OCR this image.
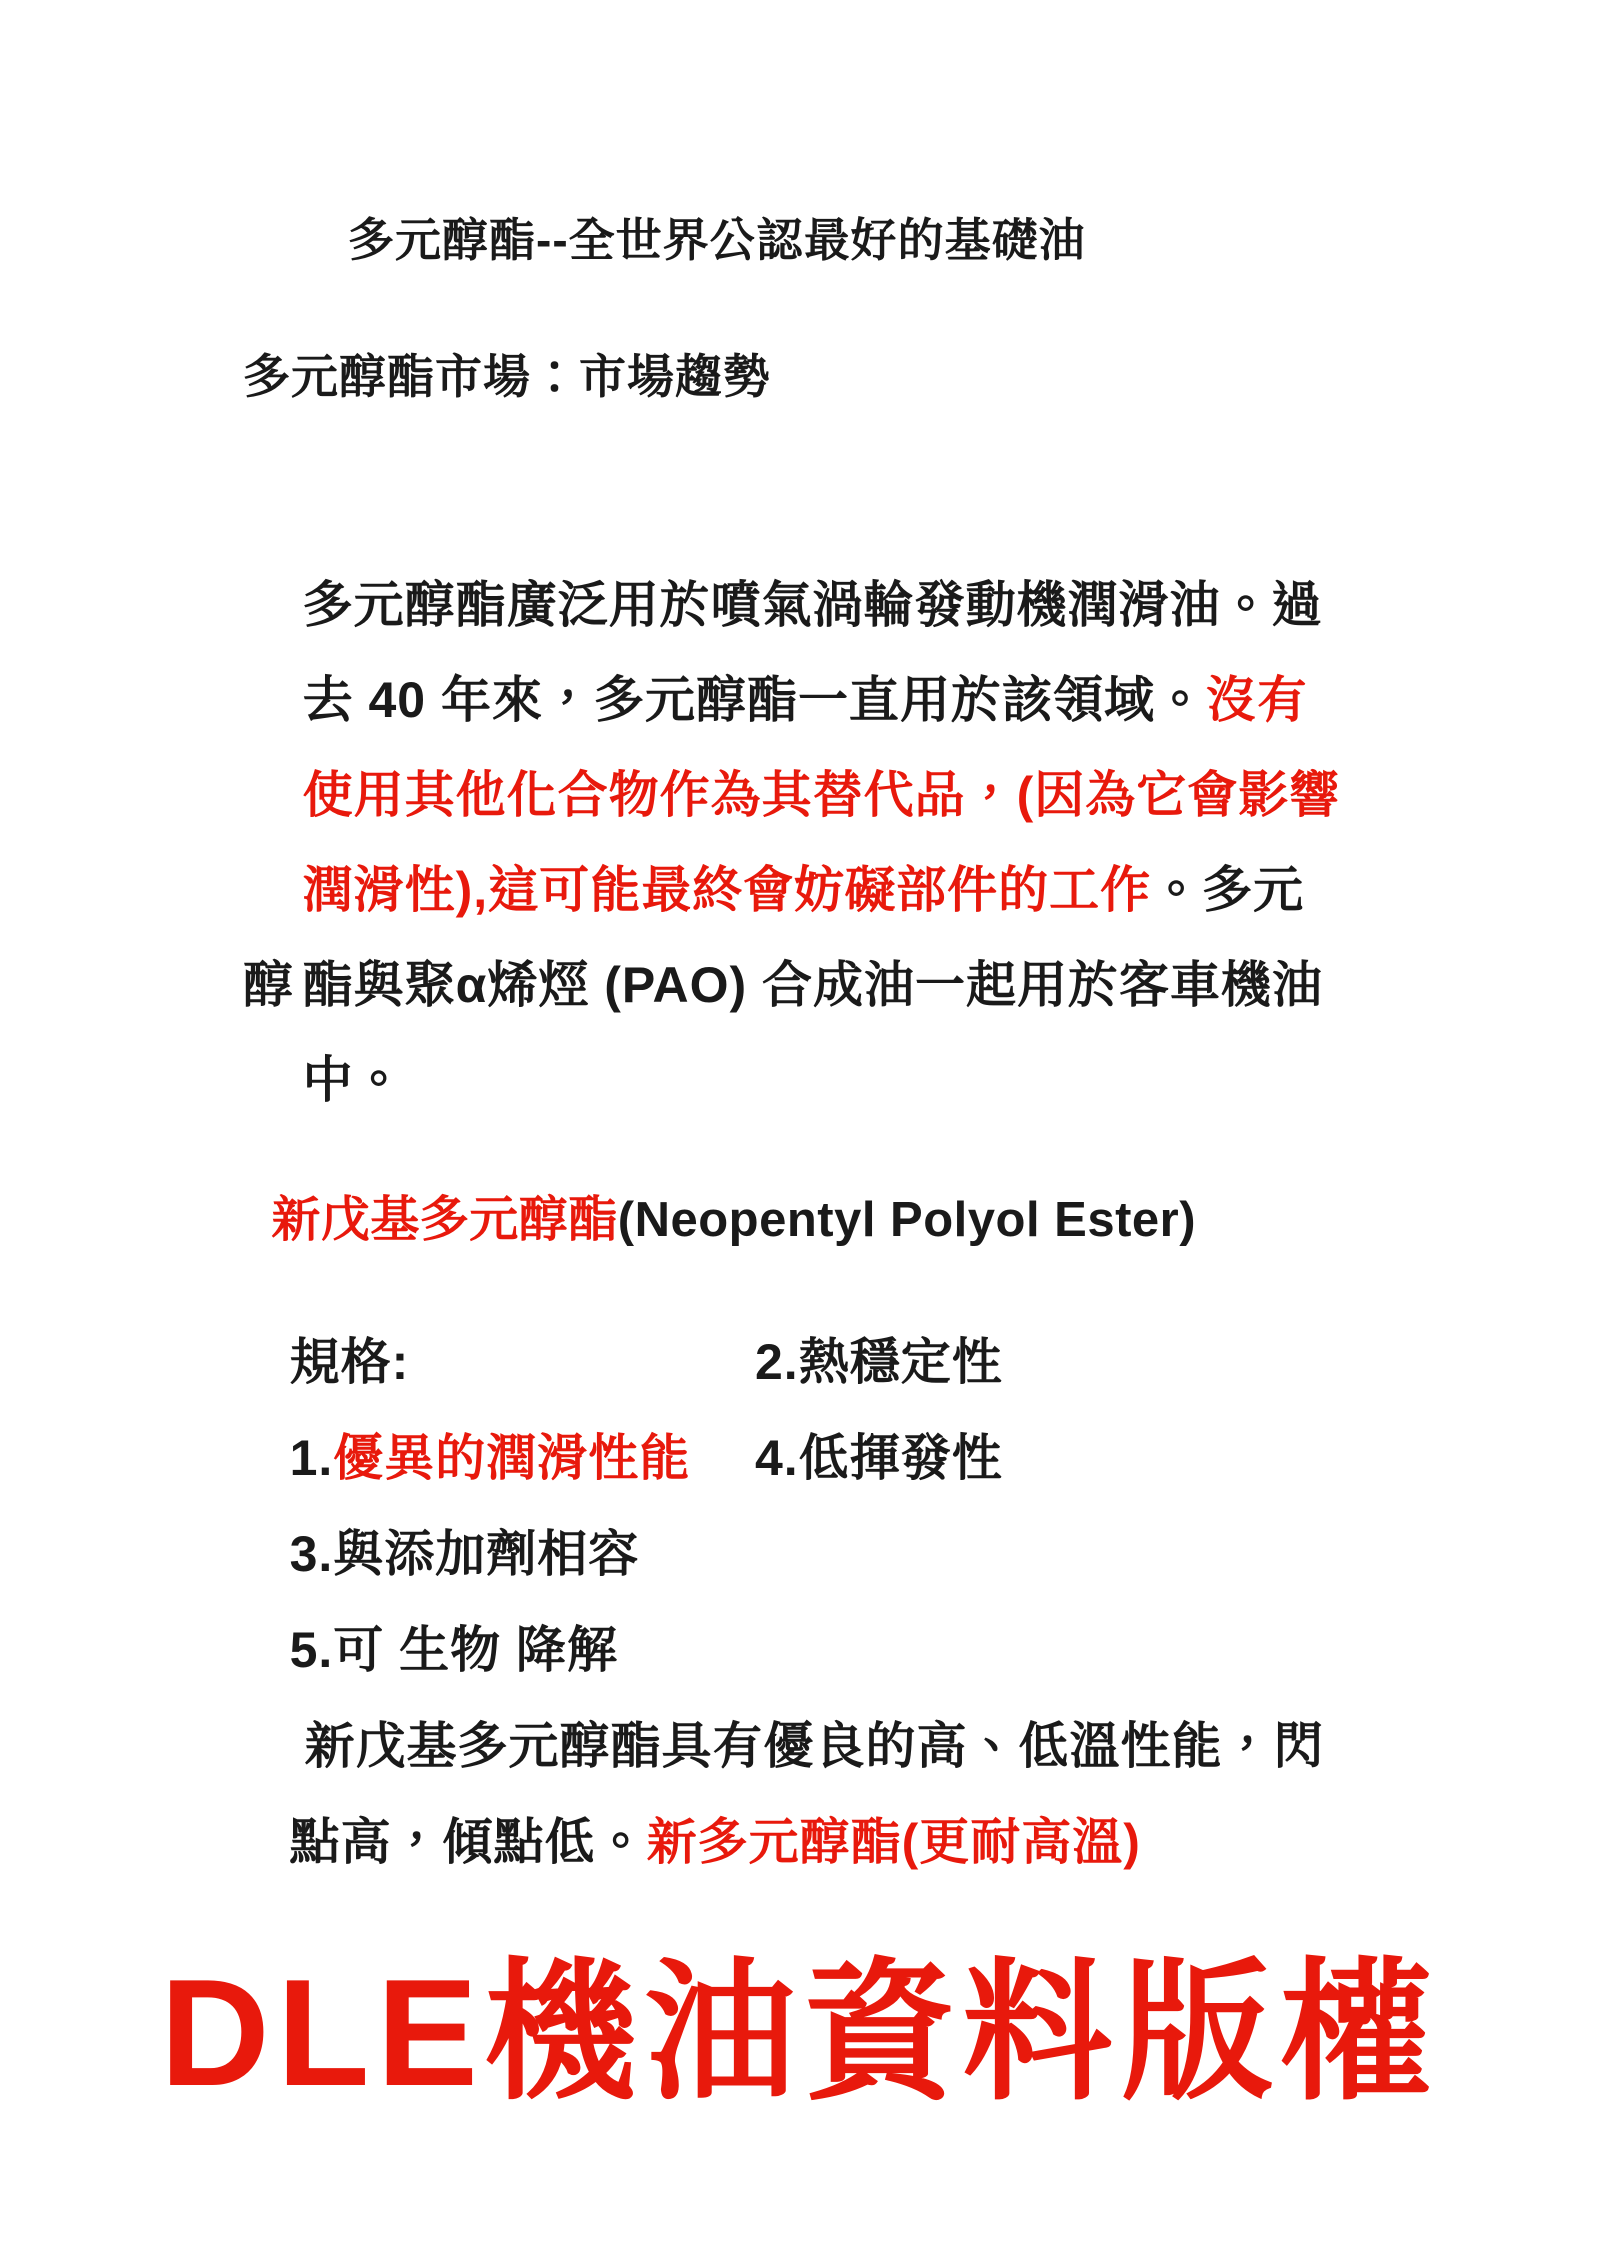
多元醇酯--全世界公認最好的基礎油
多元醇酯市場：市場趨勢

多元醇酯廣泛用於噴氣渦輪發動機潤滑油。過

去 40 年來，多元醇酯一直用於該領域。沒有

使用其他化合物作為其替代品，(因為它會影響

潤滑性),這可能最終會妨礙部件的工作。多元醇
酯與聚α烯烴 (PAO) 合成油一起用於客車機油

中。

新戊基多元醇酯(Neopentyl Polyol Ester)

規格:

1.優異的潤滑性能

2.熱穩定性

3.與添加劑相容

4.低揮發性

5.可 生物 降解

新戊基多元醇酯具有優良的高、低溫性能，閃

點高，傾點低。新多元醇酯(更耐高溫)

DLE機油資料版權
